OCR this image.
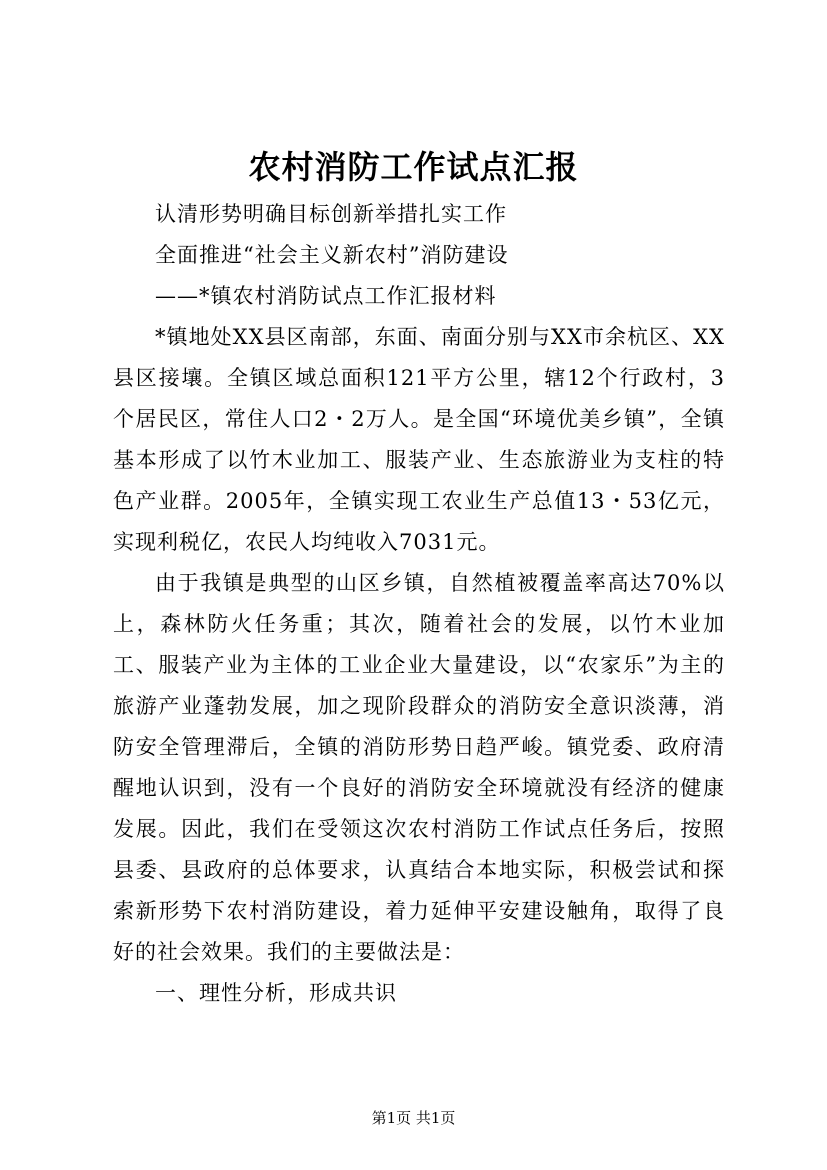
农村消防工作试点汇报

认清形势明确目标创新举措扎实工作

全面推进“社会主义新农村”消防建设

——*镇农村消防试点工作汇报材料

*镇地处XX县区南部，东面、南面分别与XX市余杭区、XX县区接壤。全镇区域总面积121平方公里，辖12个行政村，3个居民区，常住人口2・2万人。是全国“环境优美乡镇”，全镇基本形成了以竹木业加工、服装产业、生态旅游业为支柱的特色产业群。2005年，全镇实现工农业生产总值13・53亿元，实现利税亿，农民人均纯收入7031元。

由于我镇是典型的山区乡镇，自然植被覆盖率高达70%以上，森林防火任务重；其次，随着社会的发展，以竹木业加工、服装产业为主体的工业企业大量建设，以“农家乐”为主的旅游产业蓬勃发展，加之现阶段群众的消防安全意识淡薄，消防安全管理滞后，全镇的消防形势日趋严峻。镇党委、政府清醒地认识到，没有一个良好的消防安全环境就没有经济的健康发展。因此，我们在受领这次农村消防工作试点任务后，按照县委、县政府的总体要求，认真结合本地实际，积极尝试和探索新形势下农村消防建设，着力延伸平安建设触角，取得了良好的社会效果。我们的主要做法是：

一、理性分析，形成共识

第1页 共1页
